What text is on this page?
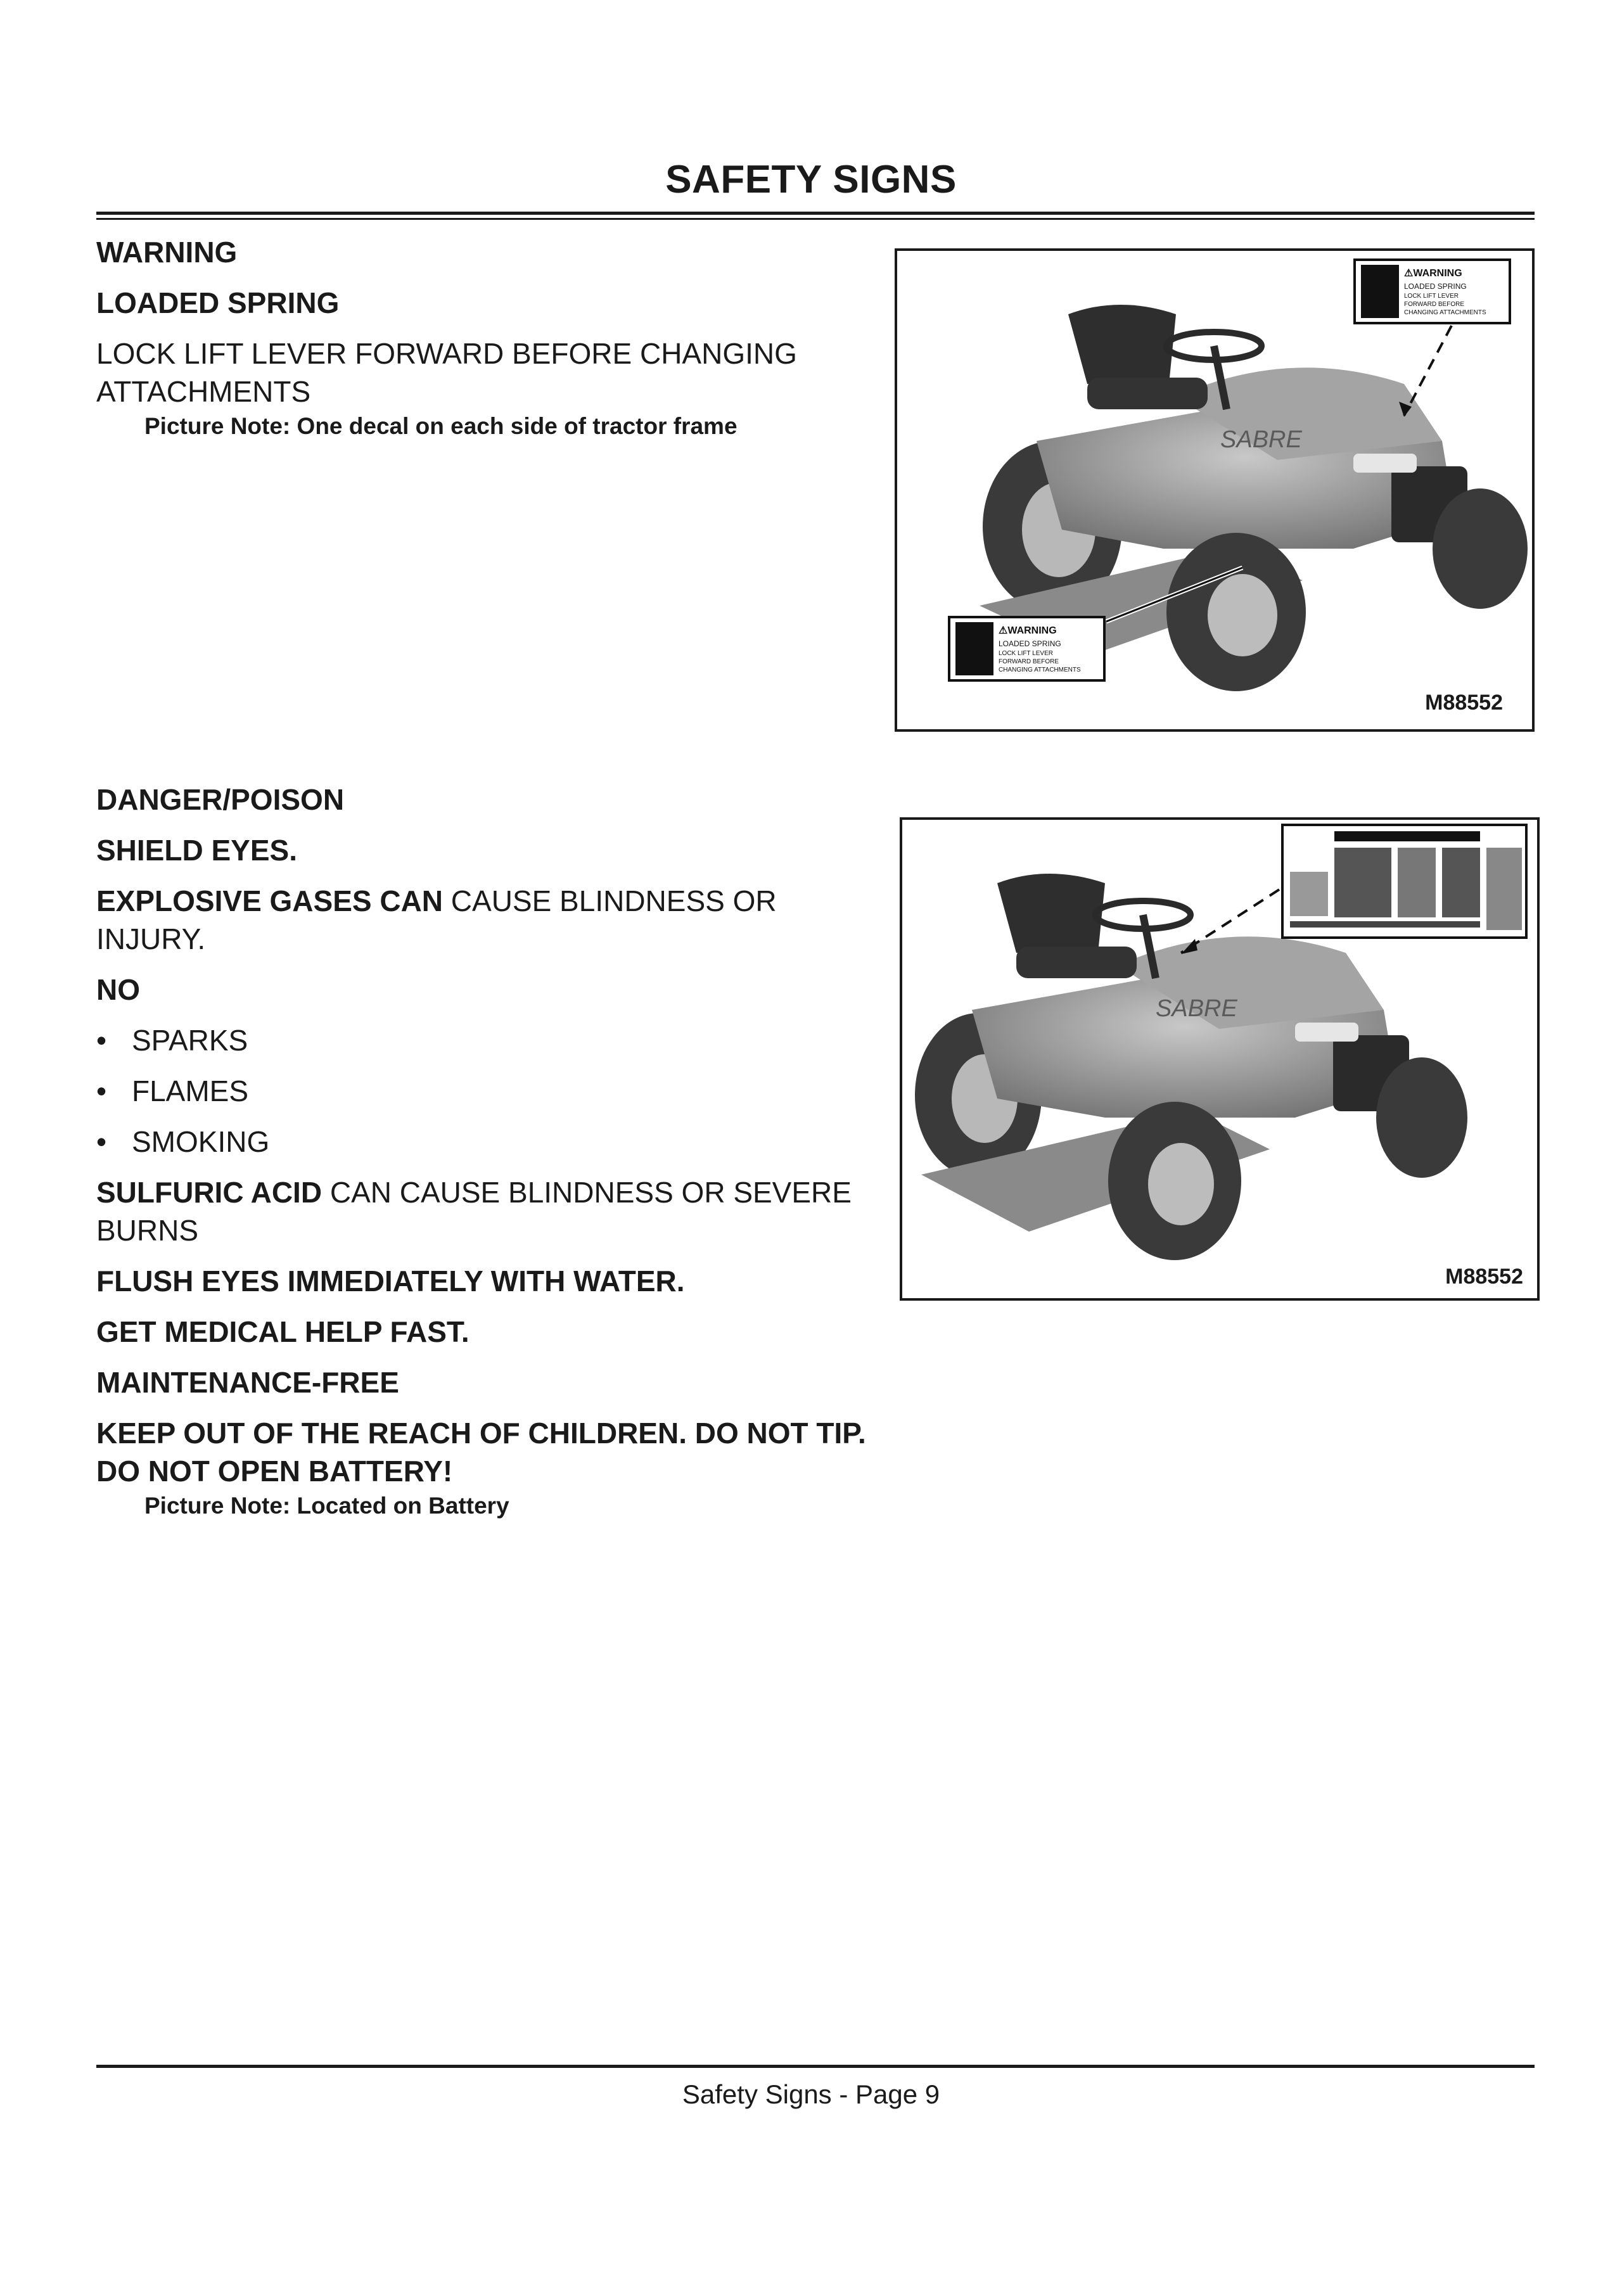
SAFETY SIGNS

WARNING

LOADED SPRING

LOCK LIFT LEVER FORWARD BEFORE CHANGING ATTACHMENTS

Picture Note: One decal on each side of tractor frame

SABRE
⚠WARNING
LOADED SPRING
LOCK LIFT LEVER
FORWARD BEFORE
CHANGING ATTACHMENTS
⚠WARNING
LOADED SPRING
LOCK LIFT LEVER
FORWARD BEFORE
CHANGING ATTACHMENTS
M88552

DANGER/POISON

SHIELD EYES.

EXPLOSIVE GASES CAN CAUSE BLINDNESS OR INJURY.

NO

• SPARKS

• FLAMES

• SMOKING

SULFURIC ACID CAN CAUSE BLINDNESS OR SEVERE BURNS

FLUSH EYES IMMEDIATELY WITH WATER.

GET MEDICAL HELP FAST.

MAINTENANCE-FREE

KEEP OUT OF THE REACH OF CHILDREN. DO NOT TIP. DO NOT OPEN BATTERY!

Picture Note: Located on Battery

SABRE
M88552
Safety Signs - Page 9
